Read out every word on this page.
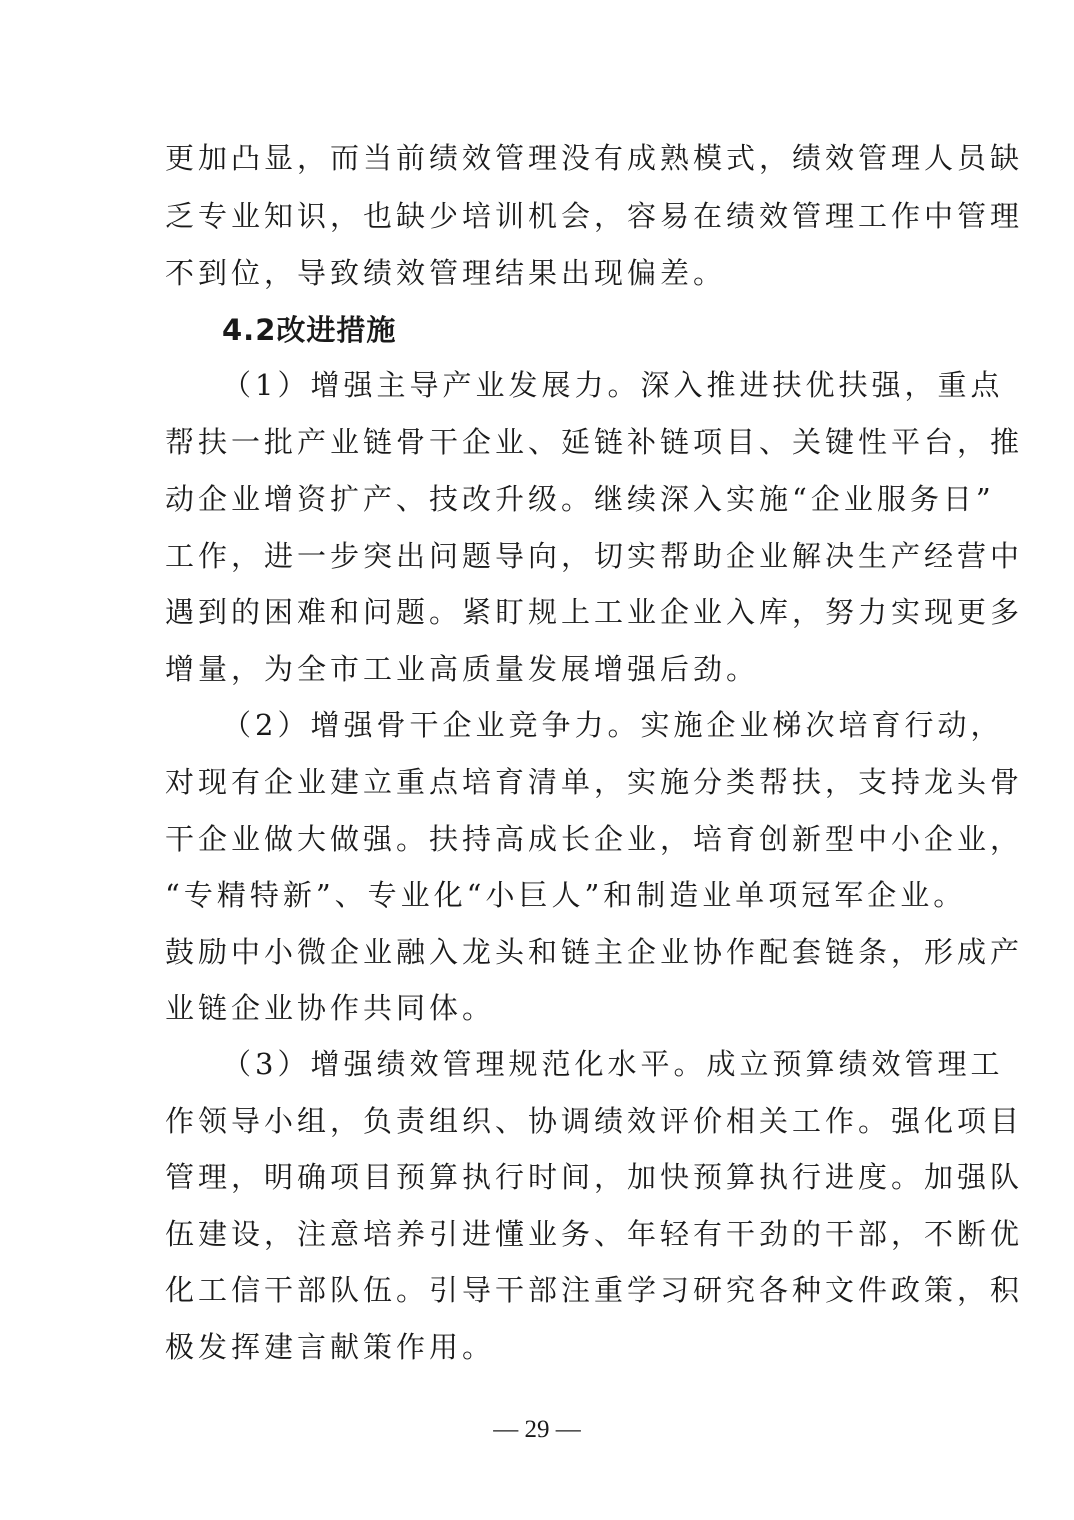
更加凸显，而当前绩效管理没有成熟模式，绩效管理人员缺
乏专业知识，也缺少培训机会，容易在绩效管理工作中管理
不到位，导致绩效管理结果出现偏差。
4.2改进措施
（1）增强主导产业发展力。深入推进扶优扶强，重点
帮扶一批产业链骨干企业、延链补链项目、关键性平台，推
动企业增资扩产、技改升级。继续深入实施“企业服务日”
工作，进一步突出问题导向，切实帮助企业解决生产经营中
遇到的困难和问题。紧盯规上工业企业入库，努力实现更多
增量，为全市工业高质量发展增强后劲。
（2）增强骨干企业竞争力。实施企业梯次培育行动，
对现有企业建立重点培育清单，实施分类帮扶，支持龙头骨
干企业做大做强。扶持高成长企业，培育创新型中小企业，
“专精特新”、专业化“小巨人”和制造业单项冠军企业。
鼓励中小微企业融入龙头和链主企业协作配套链条，形成产
业链企业协作共同体。
（3）增强绩效管理规范化水平。成立预算绩效管理工
作领导小组，负责组织、协调绩效评价相关工作。强化项目
管理，明确项目预算执行时间，加快预算执行进度。加强队
伍建设，注意培养引进懂业务、年轻有干劲的干部，不断优
化工信干部队伍。引导干部注重学习研究各种文件政策，积
极发挥建言献策作用。
— 29 —
